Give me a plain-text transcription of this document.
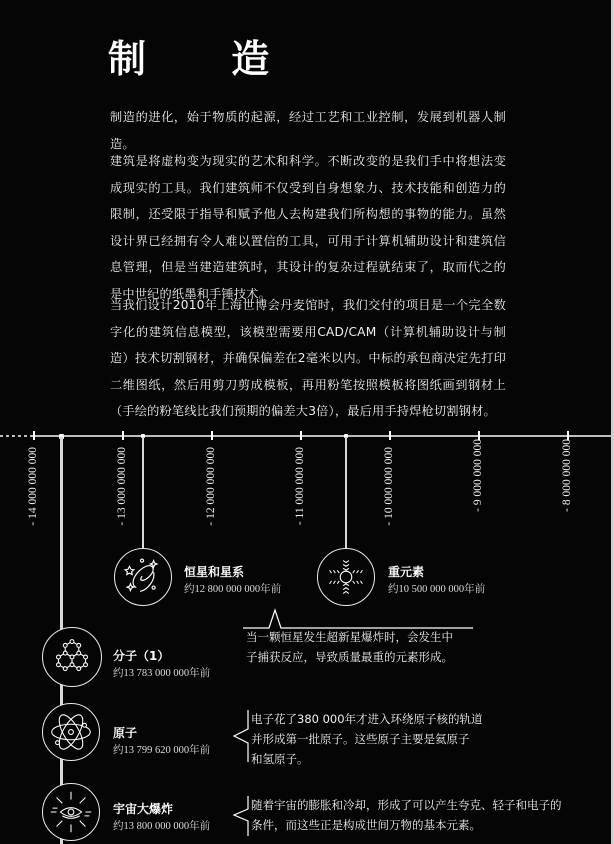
制 造

制造的进化，始于物质的起源，经过工艺和工业控制，发展到机器人制造。

建筑是将虚构变为现实的艺术和科学。不断改变的是我们手中将想法变成现实的工具。我们建筑师不仅受到自身想象力、技术技能和创造力的限制，还受限于指导和赋予他人去构建我们所构想的事物的能力。虽然设计界已经拥有令人难以置信的工具，可用于计算机辅助设计和建筑信息管理，但是当建造建筑时，其设计的复杂过程就结束了，取而代之的是中世纪的纸墨和手锤技术。

当我们设计2010年上海世博会丹麦馆时，我们交付的项目是一个完全数字化的建筑信息模型，该模型需要用CAD/CAM（计算机辅助设计与制造）技术切割钢材，并确保偏差在2毫米以内。中标的承包商决定先打印二维图纸，然后用剪刀剪成模板，再用粉笔按照模板将图纸画到钢材上（手绘的粉笔线比我们预期的偏差大3倍），最后用手持焊枪切割钢材。

- 14 000 000 000	- 13 000 000 000	- 12 000 000 000	- 11 000 000 000	- 10 000 000 000	- 9 000 000 000	- 8 000 000 000
恒星和星系
约12 800 000 000年前
重元素
约10 500 000 000年前
当一颗恒星发生超新星爆炸时，会发生中
子捕获反应，导致质量最重的元素形成。
分子（1）
约13 783 000 000年前
原子
约13 799 620 000年前
电子花了380 000年才进入环绕原子核的轨道
并形成第一批原子。这些原子主要是氦原子
和氢原子。
宇宙大爆炸
约13 800 000 000年前
随着宇宙的膨胀和冷却，形成了可以产生夸克、轻子和电子的
条件，而这些正是构成世间万物的基本元素。
